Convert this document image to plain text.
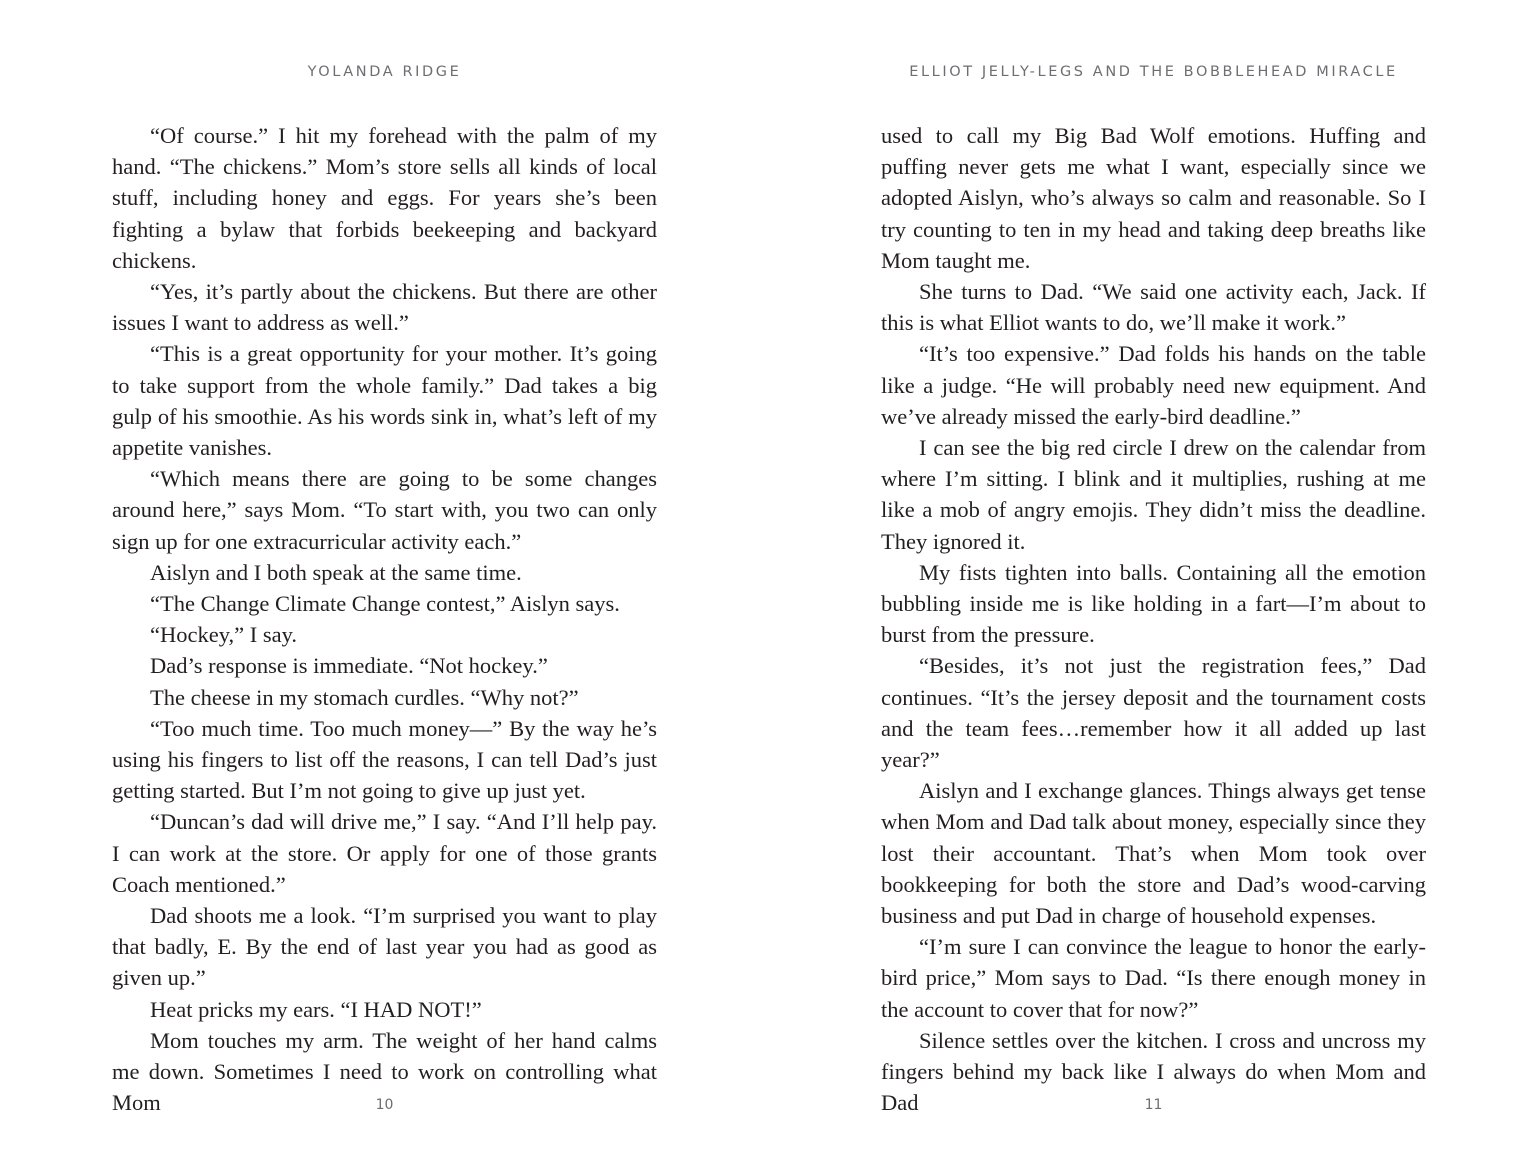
YOLANDA RIDGE

“Of course.” I hit my forehead with the palm of my hand. “The chickens.” Mom’s store sells all kinds of local stuff, including honey and eggs. For years she’s been fighting a bylaw that forbids beekeeping and backyard chickens.

“Yes, it’s partly about the chickens. But there are other issues I want to address as well.”

“This is a great opportunity for your mother. It’s going to take support from the whole family.” Dad takes a big gulp of his smoothie. As his words sink in, what’s left of my appetite vanishes.

“Which means there are going to be some changes around here,” says Mom. “To start with, you two can only sign up for one extracurricular activity each.”

Aislyn and I both speak at the same time.

“The Change Climate Change contest,” Aislyn says.

“Hockey,” I say.

Dad’s response is immediate. “Not hockey.”

The cheese in my stomach curdles. “Why not?”

“Too much time. Too much money—” By the way he’s using his fingers to list off the reasons, I can tell Dad’s just getting started. But I’m not going to give up just yet.

“Duncan’s dad will drive me,” I say. “And I’ll help pay. I can work at the store. Or apply for one of those grants Coach mentioned.”

Dad shoots me a look. “I’m surprised you want to play that badly, E. By the end of last year you had as good as given up.”

Heat pricks my ears. “I HAD NOT!”

Mom touches my arm. The weight of her hand calms me down. Sometimes I need to work on controlling what Mom	10
ELLIOT JELLY-LEGS AND THE BOBBLEHEAD MIRACLE

used to call my Big Bad Wolf emotions. Huffing and puffing never gets me what I want, especially since we adopted Aislyn, who’s always so calm and reasonable. So I try counting to ten in my head and taking deep breaths like Mom taught me.

She turns to Dad. “We said one activity each, Jack. If this is what Elliot wants to do, we’ll make it work.”

“It’s too expensive.” Dad folds his hands on the table like a judge. “He will probably need new equipment. And we’ve already missed the early-bird deadline.”

I can see the big red circle I drew on the calendar from where I’m sitting. I blink and it multiplies, rushing at me like a mob of angry emojis. They didn’t miss the deadline. They ignored it.

My fists tighten into balls. Containing all the emotion bubbling inside me is like holding in a fart—I’m about to burst from the pressure.

“Besides, it’s not just the registration fees,” Dad continues. “It’s the jersey deposit and the tournament costs and the team fees…remember how it all added up last year?”

Aislyn and I exchange glances. Things always get tense when Mom and Dad talk about money, especially since they lost their accountant. That’s when Mom took over bookkeeping for both the store and Dad’s wood-carving business and put Dad in charge of household expenses.

“I’m sure I can convince the league to honor the early-bird price,” Mom says to Dad. “Is there enough money in the account to cover that for now?”

Silence settles over the kitchen. I cross and uncross my fingers behind my back like I always do when Mom and Dad	11
